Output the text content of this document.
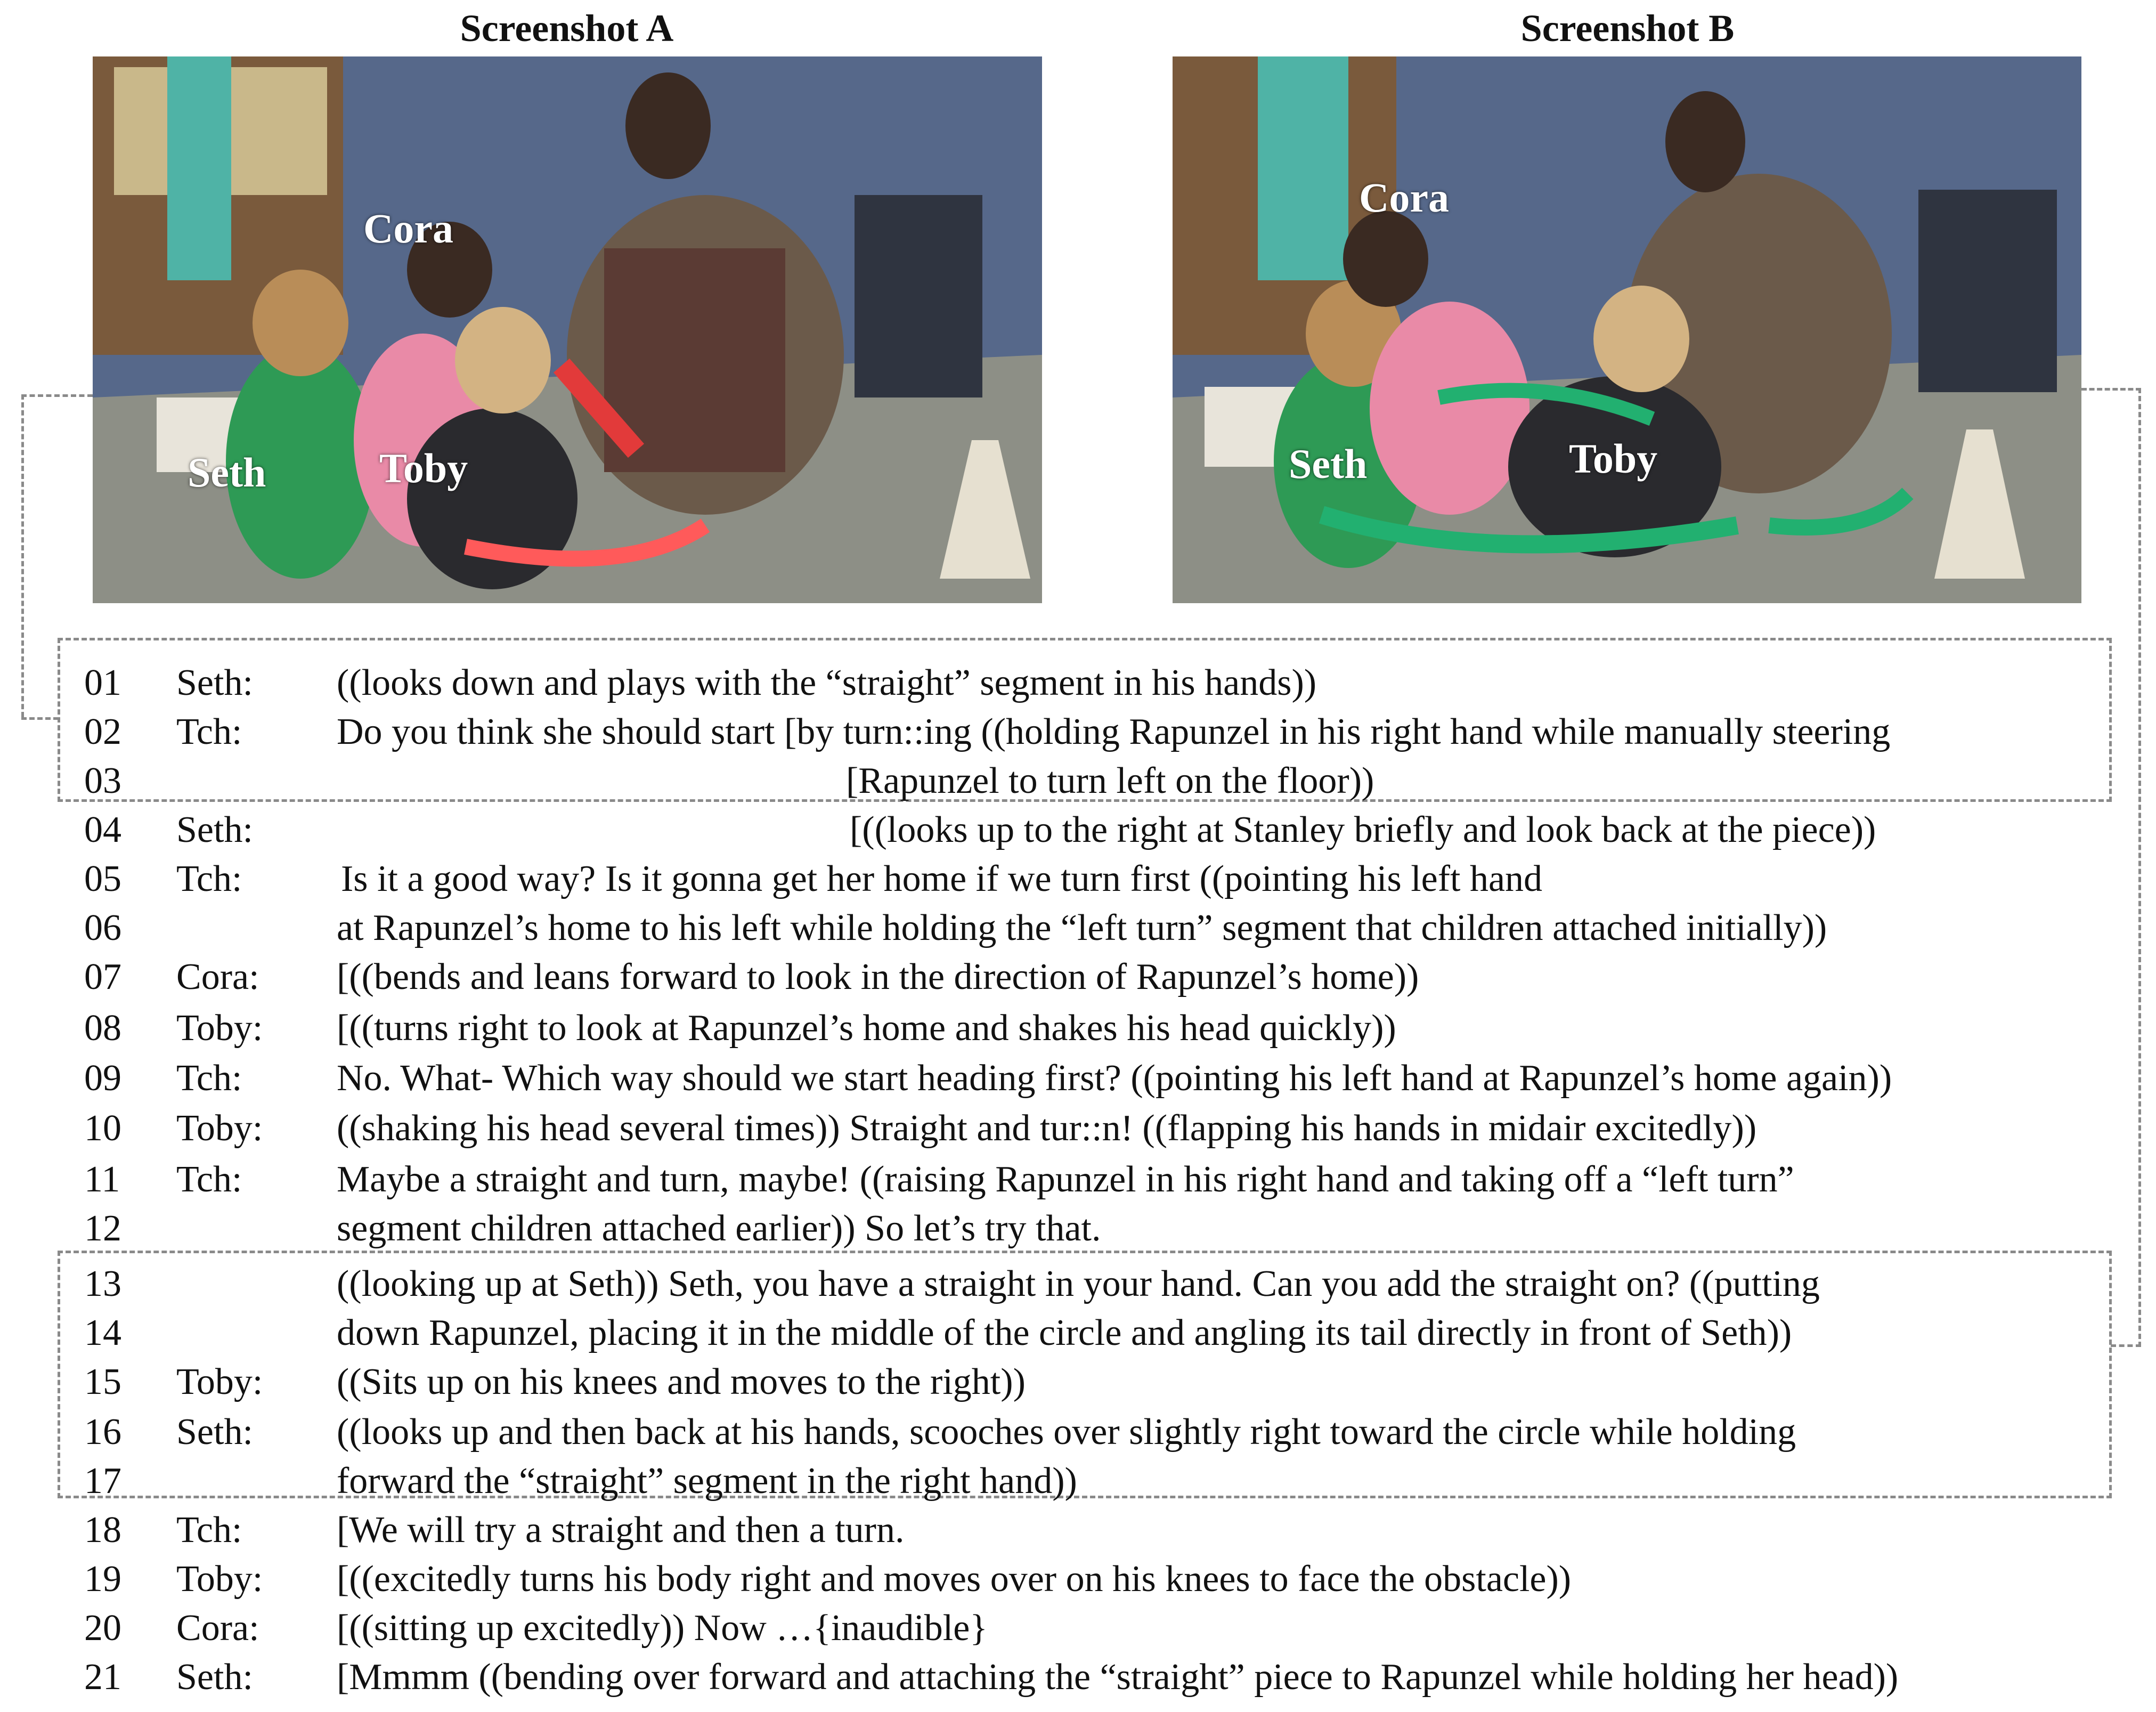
Screenshot A	Screenshot B
Cora
Seth	Toby
Cora
Seth	Toby
01 Seth: ((looks down and plays with the “straight” segment in his hands))
02 Tch:	Do you think she should start [by turn::ing ((holding Rapunzel in his right hand while manually steering
03	[Rapunzel to turn left on the floor))
04 Seth:	[((looks up to the right at Stanley briefly and look back at the piece))
05 Tch:	Is it a good way? Is it gonna get her home if we turn first ((pointing his left hand
06	at Rapunzel’s home to his left while holding the “left turn” segment that children attached initially))
07 Cora: [((bends and leans forward to look in the direction of Rapunzel’s home))
08 Toby: [((turns right to look at Rapunzel’s home and shakes his head quickly))
09 Tch:	No. What- Which way should we start heading first? ((pointing his left hand at Rapunzel’s home again))
10 Toby: ((shaking his head several times)) Straight and tur::n! ((flapping his hands in midair excitedly))
11 Tch:	Maybe a straight and turn, maybe! ((raising Rapunzel in his right hand and taking off a “left turn”
12	segment children attached earlier)) So let’s try that.
13	((looking up at Seth)) Seth, you have a straight in your hand. Can you add the straight on? ((putting
14	down Rapunzel, placing it in the middle of the circle and angling its tail directly in front of Seth))
15 Toby: ((Sits up on his knees and moves to the right))
16 Seth: ((looks up and then back at his hands, scooches over slightly right toward the circle while holding
17	forward the “straight” segment in the right hand))
18 Tch:	[We will try a straight and then a turn.
19 Toby: [((excitedly turns his body right and moves over on his knees to face the obstacle))
20 Cora: [((sitting up excitedly)) Now …{inaudible}
21 Seth: [Mmmm ((bending over forward and attaching the “straight” piece to Rapunzel while holding her head))
